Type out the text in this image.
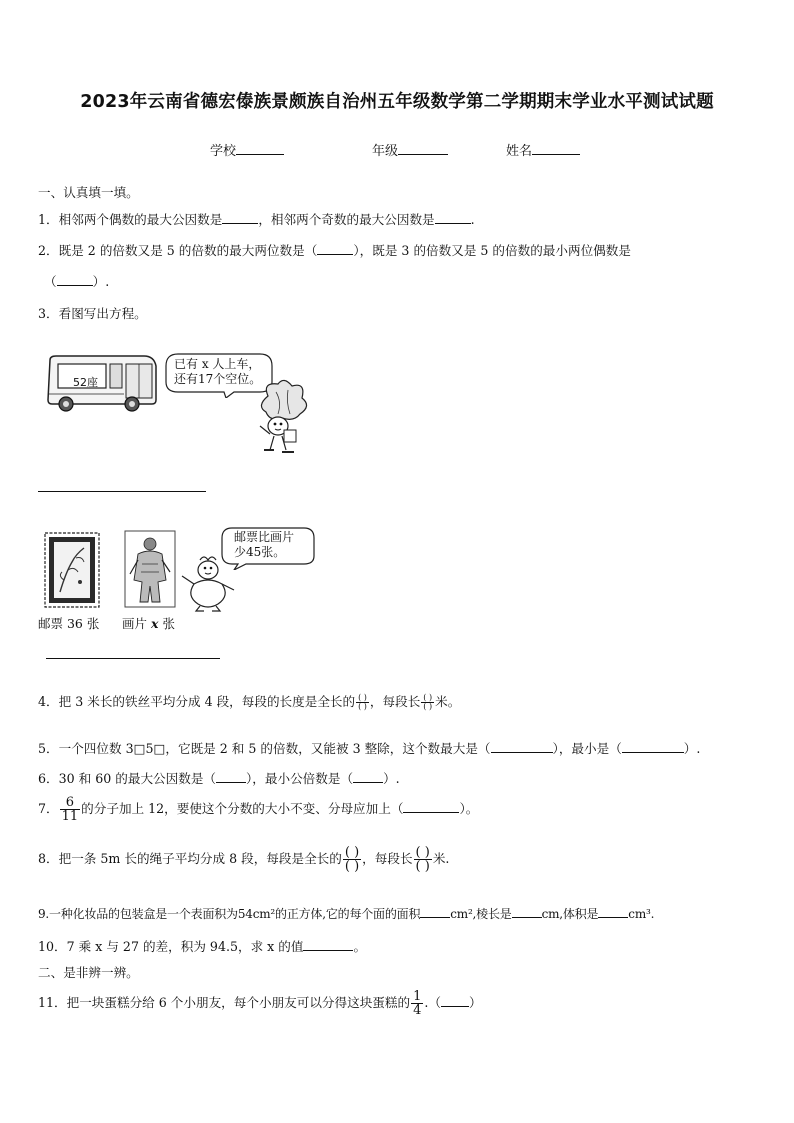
2023年云南省德宏傣族景颇族自治州五年级数学第二学期期末学业水平测试试题
学校	年级	姓名
一、认真填一填。
1．相邻两个偶数的最大公因数是	，相邻两个奇数的最大公因数是	.
2．既是 2 的倍数又是 5 的倍数的最大两位数是（	），既是 3 的倍数又是 5 的倍数的最小两位偶数是
（	）.
3．看图写出方程。
52座
已有 x 人上车，
还有17个空位。
邮票比画片
少45张。
邮票 36 张 画片 x 张
4．把 3 米长的铁丝平均分成 4 段，每段的长度是全长的 $\frac{( )}{( )}$ ，每段长 $\frac{( )}{( )}$ 米。
5．一个四位数 3□5□，它既是 2 和 5 的倍数，又能被 3 整除，这个数最大是（	），最小是（	）.
6．30 和 60 的最大公因数是（ ），最小公倍数是（ ）.
7． $\frac{6}{11}$ 的分子加上 12，要使这个分数的大小不变、分母应加上（	）。
8．把一条 5m 长的绳子平均分成 8 段，每段是全长的 $\frac{( )}{( )}$ ，每段长 $\frac{( )}{( )}$ 米.
9.一种化妆品的包装盒是一个表面积为54cm²的正方体,它的每个面的面积	cm²,棱长是	cm,体积是	cm³.
10．7 乘 x 与 27 的差，积为 94.5，求 x 的值	。
二、是非辨一辨。
11．把一块蛋糕分给 6 个小朋友，每个小朋友可以分得这块蛋糕的 $\frac{1}{4}$ .（ ）
